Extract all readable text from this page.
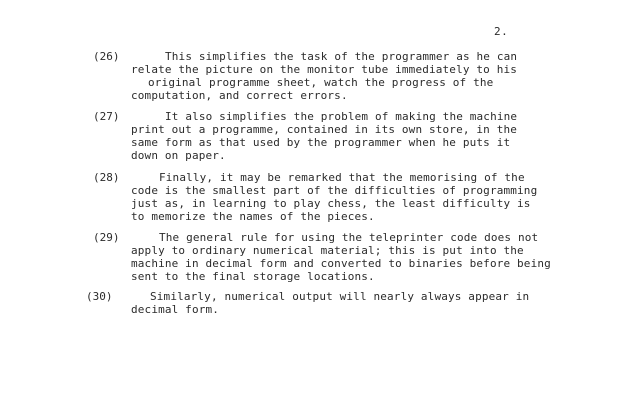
2.
(26)	This simplifies the task of the programmer as he can
relate the picture on the monitor tube immediately to his
original programme sheet, watch the progress of the
computation, and correct errors.
(27)	It also simplifies the problem of making the machine
print out a programme, contained in its own store, in the
same form as that used by the programmer when he puts it
down on paper.
(28)	Finally, it may be remarked that the memorising of the
code is the smallest part of the difficulties of programming
just as, in learning to play chess, the least difficulty is
to memorize the names of the pieces.
(29)	The general rule for using the teleprinter code does not
apply to ordinary numerical material; this is put into the
machine in decimal form and converted to binaries before being
sent to the final storage locations.
(30)	Similarly, numerical output will nearly always appear in
decimal form.
